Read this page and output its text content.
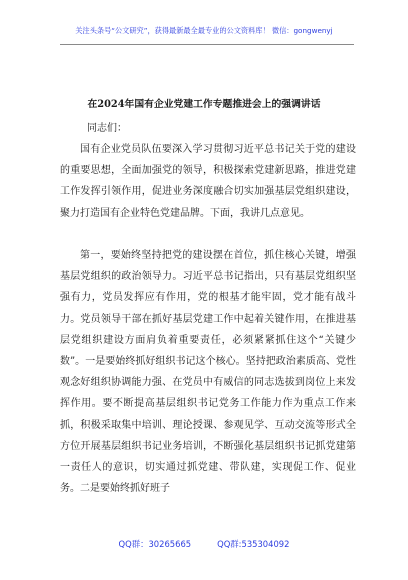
关注头条号“公文研究”，获得最新最全最专业的公文资料库！ 微信：gongwenyj
在2024年国有企业党建工作专题推进会上的强调讲话

同志们：

国有企业党员队伍要深入学习贯彻习近平总书记关于党的建设的重要思想，全面加强党的领导，积极探索党建新思路，推进党建工作发挥引领作用，促进业务深度融合切实加强基层党组织建设，聚力打造国有企业特色党建品牌。下面，我讲几点意见。

第一，要始终坚持把党的建设摆在首位，抓住核心关键，增强基层党组织的政治领导力。习近平总书记指出，只有基层党组织坚强有力，党员发挥应有作用，党的根基才能牢固，党才能有战斗力。党员领导干部在抓好基层党建工作中起着关键作用，在推进基层党组织建设方面肩负着重要责任，必须紧紧抓住这个“关键少数”。一是要始终抓好组织书记这个核心。坚持把政治素质高、党性观念好组织协调能力强、在党员中有威信的同志选拔到岗位上来发挥作用。要不断提高基层组织书记党务工作能力作为重点工作来抓，积极采取集中培训、理论授课、参观见学、互动交流等形式全方位开展基层组织书记业务培训，不断强化基层组织书记抓党建第一责任人的意识，切实通过抓党建、带队建，实现促工作、促业务。二是要始终抓好班子

QQ群：30265665	QQ群:535304092
